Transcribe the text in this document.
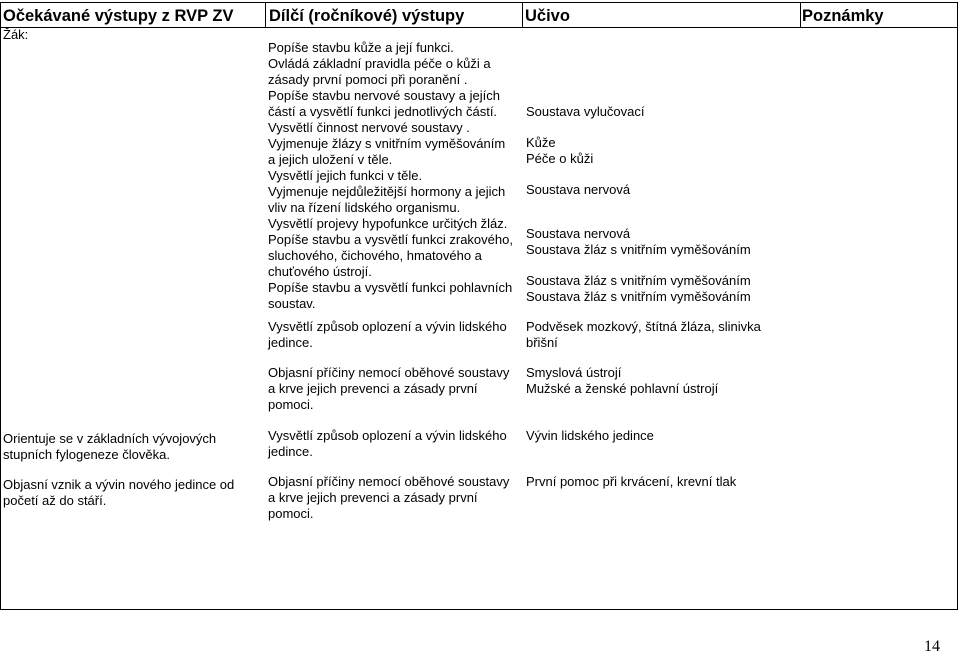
Očekávané výstupy z RVP ZV Dílčí (ročníkové) výstupy	Učivo	Poznámky
Žák:
Orientuje se v základních vývojových
stupních fylogeneze člověka.
Objasní vznik a vývin nového jedince od
početí až do stáří.
Popíše stavbu kůže a její funkci.
Ovládá základní pravidla péče o kůži a
zásady první pomoci při poranění .
Popíše stavbu nervové soustavy a jejích
částí a vysvětlí funkci jednotlivých částí.
Vysvětlí činnost nervové soustavy .
Vyjmenuje žlázy s vnitřním vyměšováním
a jejich uložení v těle.
Vysvětlí jejich funkci v těle.
Vyjmenuje nejdůležitější hormony a jejich
vliv na řízení lidského organismu.
Vysvětlí projevy hypofunkce určitých žláz.
Popíše stavbu a vysvětlí funkci zrakového,
sluchového, čichového, hmatového a
chuťového ústrojí.
Popíše stavbu a vysvětlí funkci pohlavních
soustav.
Vysvětlí způsob oplození a vývin lidského
jedince.
Objasní příčiny nemocí oběhové soustavy
a krve jejich prevenci a zásady první
pomoci.
Vysvětlí způsob oplození a vývin lidského
jedince.
Objasní příčiny nemocí oběhové soustavy
a krve jejich prevenci a zásady první
pomoci.
Soustava vylučovací
Kůže
Péče o kůži
Soustava nervová
Soustava nervová
Soustava žláz s vnitřním vyměšováním
Soustava žláz s vnitřním vyměšováním
Soustava žláz s vnitřním vyměšováním
Podvěsek mozkový, štítná žláza, slinivka
břišní
Smyslová ústrojí
Mužské a ženské pohlavní ústrojí
Vývin lidského jedince
První pomoc při krvácení, krevní tlak
14
